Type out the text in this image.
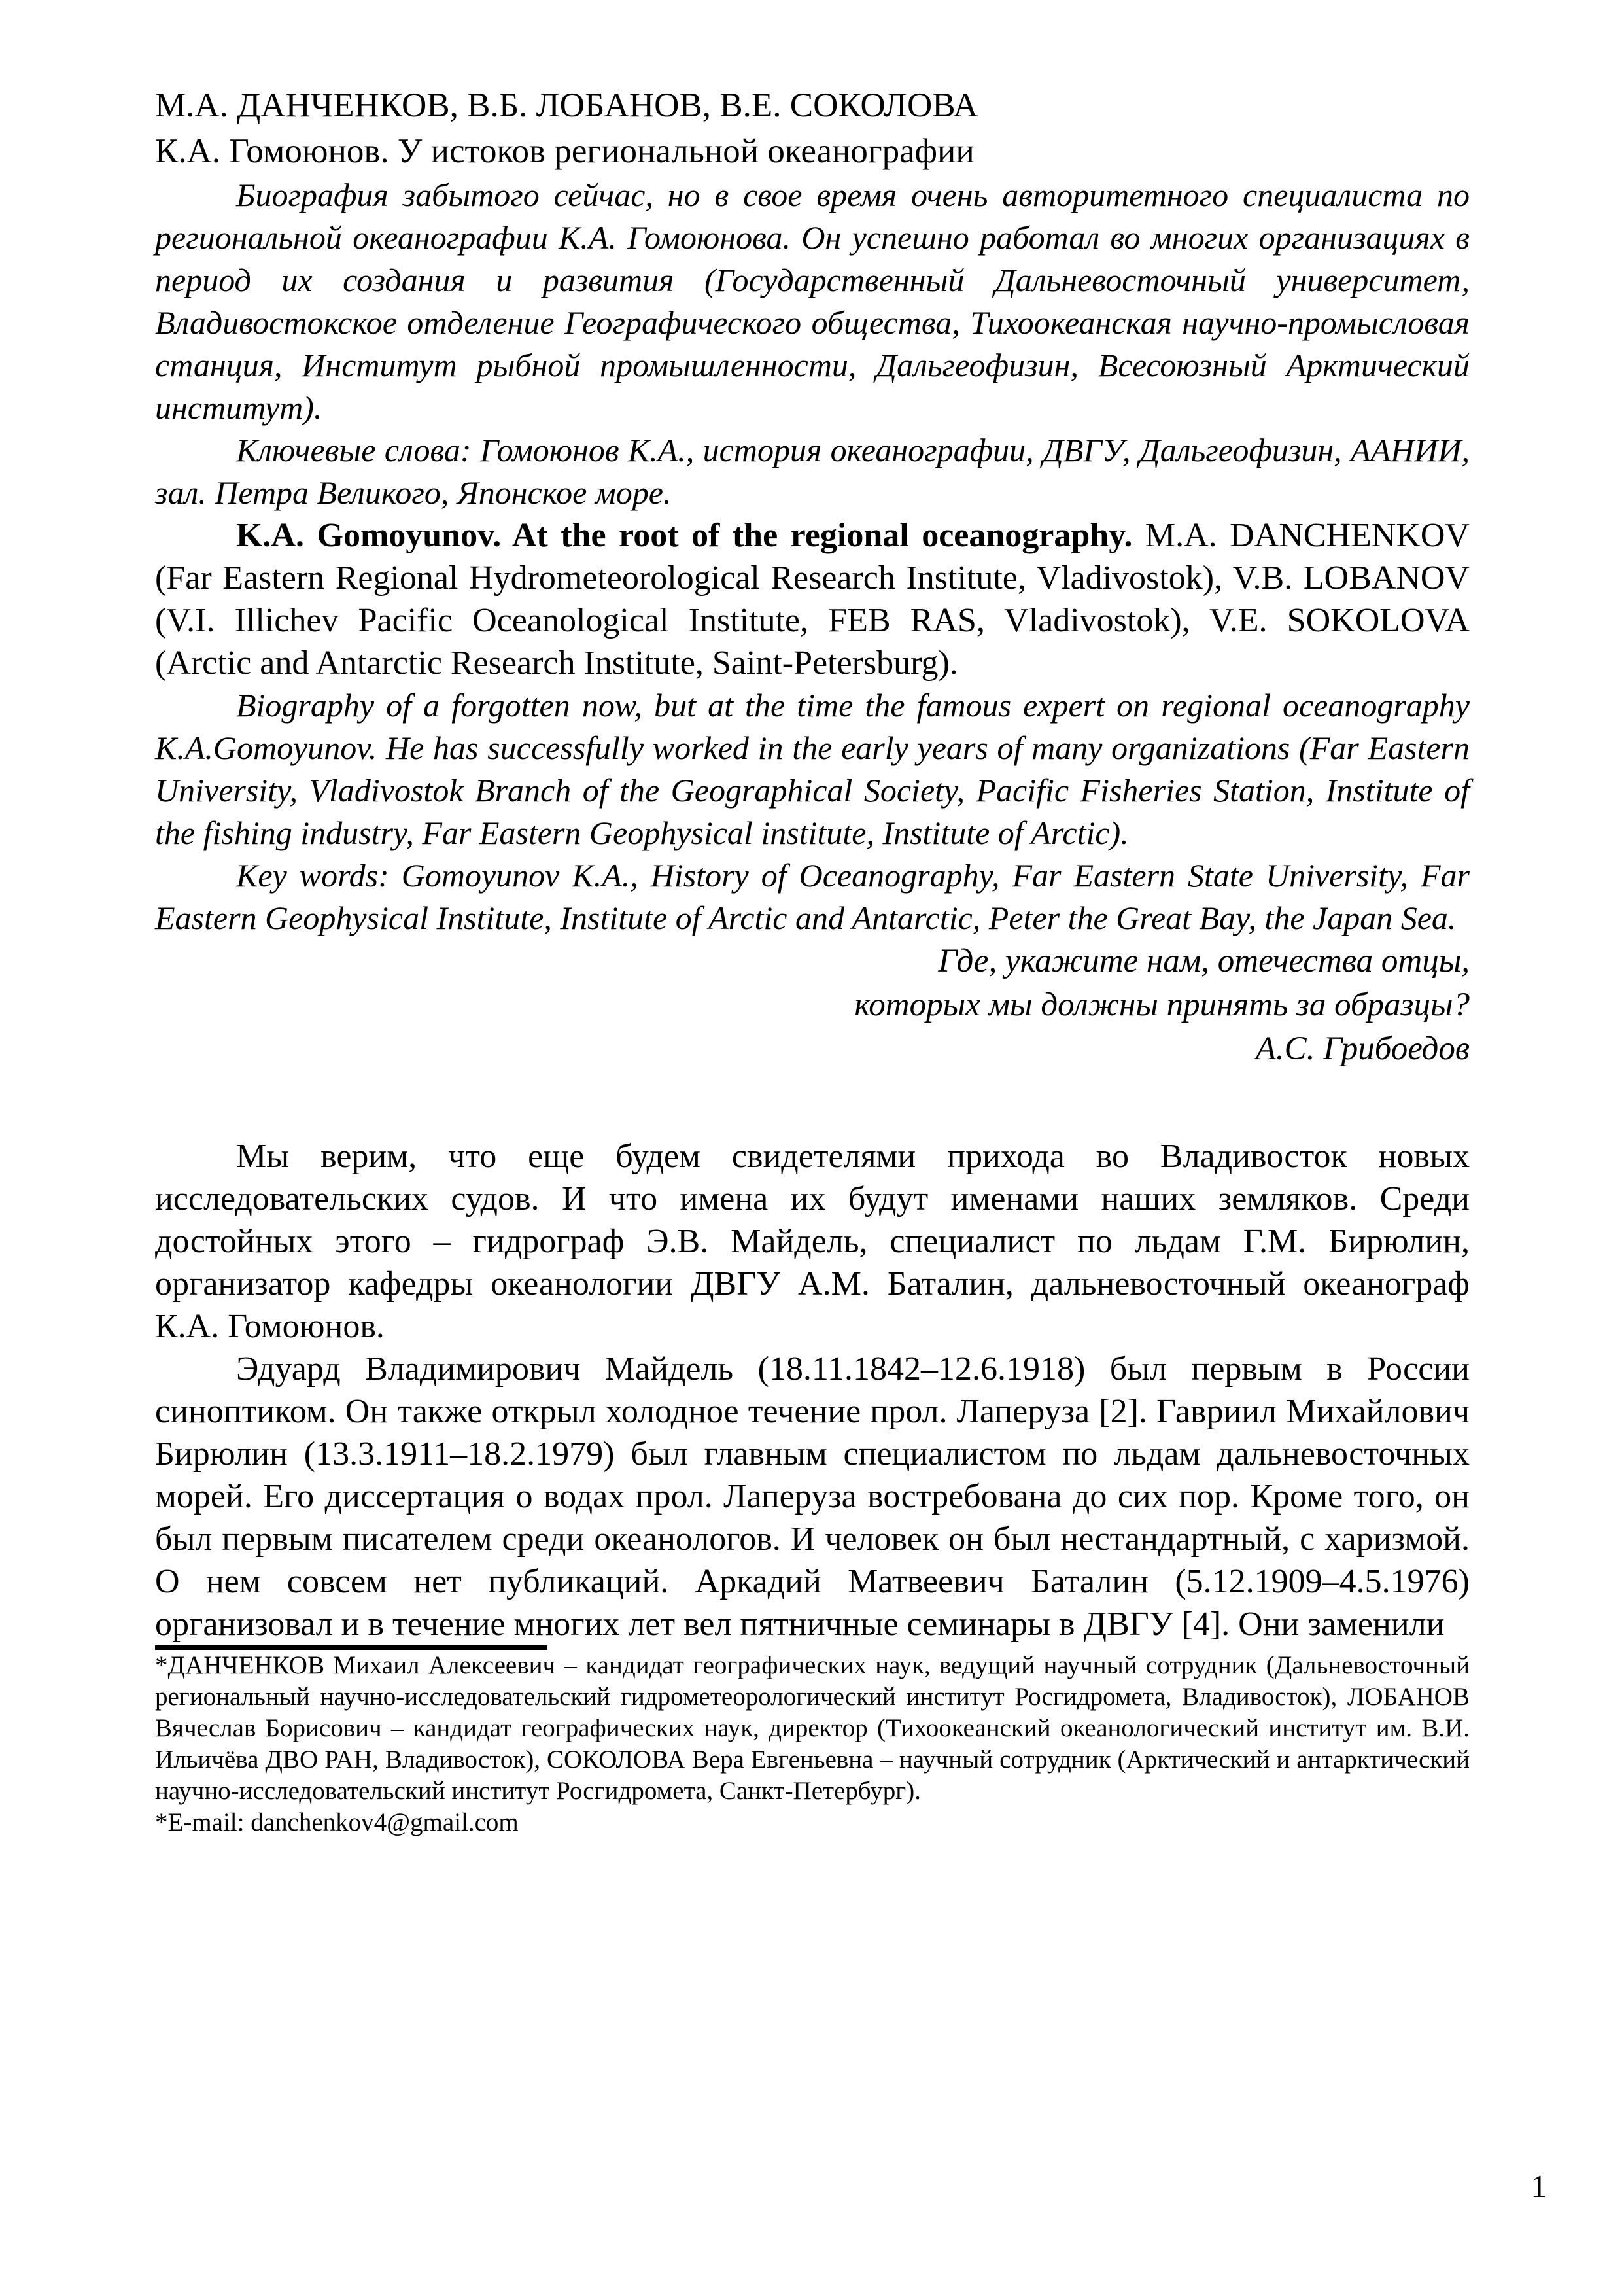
М.А. ДАНЧЕНКОВ, В.Б. ЛОБАНОВ, В.Е. СОКОЛОВА
К.А. Гомоюнов. У истоков региональной океанографии

Биография забытого сейчас, но в свое время очень авторитетного специалиста по региональной океанографии К.А. Гомоюнова. Он успешно работал во многих организациях в период их создания и развития (Государственный Дальневосточный университет, Владивостокское отделение Географического общества, Тихоокеанская научно-промысловая станция, Институт рыбной промышленности, Дальгеофизин, Всесоюзный Арктический институт).

Ключевые слова: Гомоюнов К.А., история океанографии, ДВГУ, Дальгеофизин, ААНИИ, зал. Петра Великого, Японское море.

K.A. Gomoyunov. At the root of the regional oceanography. M.A. DANCHENKOV (Far Eastern Regional Hydrometeorological Research Institute, Vladivostok), V.B. LOBANOV (V.I. Illichev Pacific Oceanological Institute, FEB RAS, Vladivostok), V.E. SOKOLOVA (Arctic and Antarctic Research Institute, Saint-Petersburg).

Biography of a forgotten now, but at the time the famous expert on regional oceanography K.A.Gomoyunov. He has successfully worked in the early years of many organizations (Far Eastern University, Vladivostok Branch of the Geographical Society, Pacific Fisheries Station, Institute of the fishing industry, Far Eastern Geophysical institute, Institute of Arctic).

Key words: Gomoyunov K.A., History of Oceanography, Far Eastern State University, Far Eastern Geophysical Institute, Institute of Arctic and Antarctic, Peter the Great Bay, the Japan Sea.

Где, укажите нам, отечества отцы,
которых мы должны принять за образцы?
А.С. Грибоедов

Мы верим, что еще будем свидетелями прихода во Владивосток новых исследовательских судов. И что имена их будут именами наших земляков. Среди достойных этого – гидрограф Э.В. Майдель, специалист по льдам Г.М. Бирюлин, организатор кафедры океанологии ДВГУ А.М. Баталин, дальневосточный океанограф К.А. Гомоюнов.

Эдуард Владимирович Майдель (18.11.1842–12.6.1918) был первым в России синоптиком. Он также открыл холодное течение прол. Лаперуза [2]. Гавриил Михайлович Бирюлин (13.3.1911–18.2.1979) был главным специалистом по льдам дальневосточных морей. Его диссертация о водах прол. Лаперуза востребована до сих пор. Кроме того, он был первым писателем среди океанологов. И человек он был нестандартный, с харизмой. О нем совсем нет публикаций. Аркадий Матвеевич Баталин (5.12.1909–4.5.1976) организовал и в течение многих лет вел пятничные семинары в ДВГУ [4]. Они заменили

*ДАНЧЕНКОВ Михаил Алексеевич – кандидат географических наук, ведущий научный сотрудник (Дальневосточный региональный научно-исследовательский гидрометеорологический институт Росгидромета, Владивосток), ЛОБАНОВ Вячеслав Борисович – кандидат географических наук, директор (Тихоокеанский океанологический институт им. В.И. Ильичёва ДВО РАН, Владивосток), СОКОЛОВА Вера Евгеньевна – научный сотрудник (Арктический и антарктический научно-исследовательский институт Росгидромета, Санкт-Петербург).

*E-mail: danchenkov4@gmail.com

1
